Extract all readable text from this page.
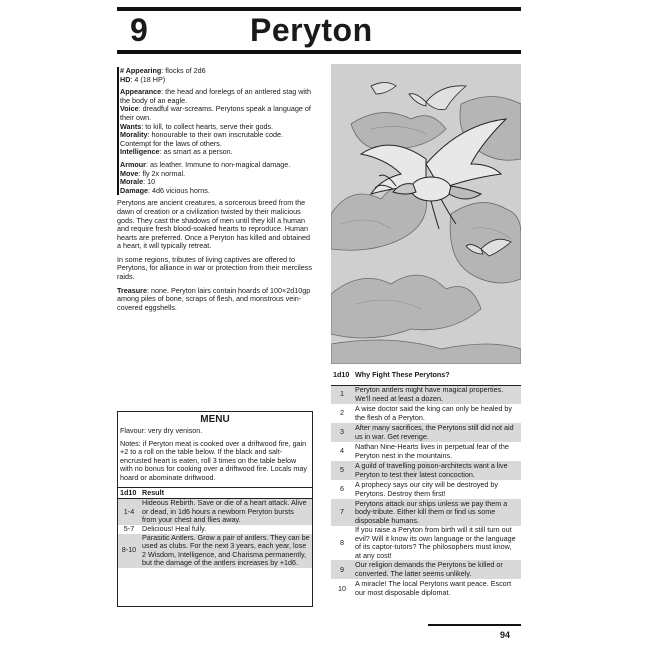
9	Peryton

# Appearing: flocks of 2d6

HD: 4 (18 HP)

Appearance: the head and forelegs of an antlered stag with the body of an eagle.

Voice: dreadful war-screams. Perytons speak a language of their own.

Wants: to kill, to collect hearts, serve their gods.

Morality: honourable to their own inscrutable code. Contempt for the laws of others.

Intelligence: as smart as a person.

Armour: as leather. Immune to non-magical damage.

Move: fly 2x normal.

Morale: 10

Damage: 4d6 vicious horns.

Perytons are ancient creatures, a sorcerous breed from the dawn of creation or a civilization twisted by their malicious gods. They cast the shadows of men until they kill a human and require fresh blood-soaked hearts to reproduce. Human hearts are preferred. Once a Peryton has killed and obtained a heart, it will typically retreat.

In some regions, tributes of living captives are offered to Perytons, for alliance in war or protection from their merciless raids.

Treasure: none. Peryton lairs contain hoards of 100×2d10gp among piles of bone, scraps of flesh, and monstrous vein-covered eggshells.

MENU

Flavour: very dry venison.

Notes: if Peryton meat is cooked over a driftwood fire, gain +2 to a roll on the table below. If the black and salt-encrusted heart is eaten, roll 3 times on the table below with no bonus for cooking over a driftwood fire. Locals may hoard or abominate driftwood.

1d10	Result
1-4	Hideous Rebirth. Save or die of a heart attack. Alive or dead, in 1d6 hours a newborn Peryton bursts from your chest and flies away.
5-7	Delicious! Heal fully.
8-10	Parasitic Antlers. Grow a pair of antlers. They can be used as clubs. For the next 3 years, each year, lose 2 Wisdom, Intelligence, and Charisma permanently, but the damage of the antlers increases by +1d6.
1d10	Why Fight These Perytons?
1	Peryton antlers might have magical properties. We'll need at least a dozen.
2	A wise doctor said the king can only be healed by the flesh of a Peryton.
3	After many sacrifices, the Perytons still did not aid us in war. Get revenge.
4	Nathan Nine-Hearts lives in perpetual fear of the Peryton nest in the mountains.
5	A guild of travelling poison-architects want a live Peryton to test their latest concoction.
6	A prophecy says our city will be destroyed by Perytons. Destroy them first!
7	Perytons attack our ships unless we pay them a body-tribute. Either kill them or find us some disposable humans.
8	If you raise a Peryton from birth will it still turn out evil? Will it know its own language or the language of its captor-tutors? The philosophers must know, at any cost!
9	Our religion demands the Perytons be killed or converted. The latter seems unlikely.
10	A miracle! The local Perytons want peace. Escort our most disposable diplomat.
94
